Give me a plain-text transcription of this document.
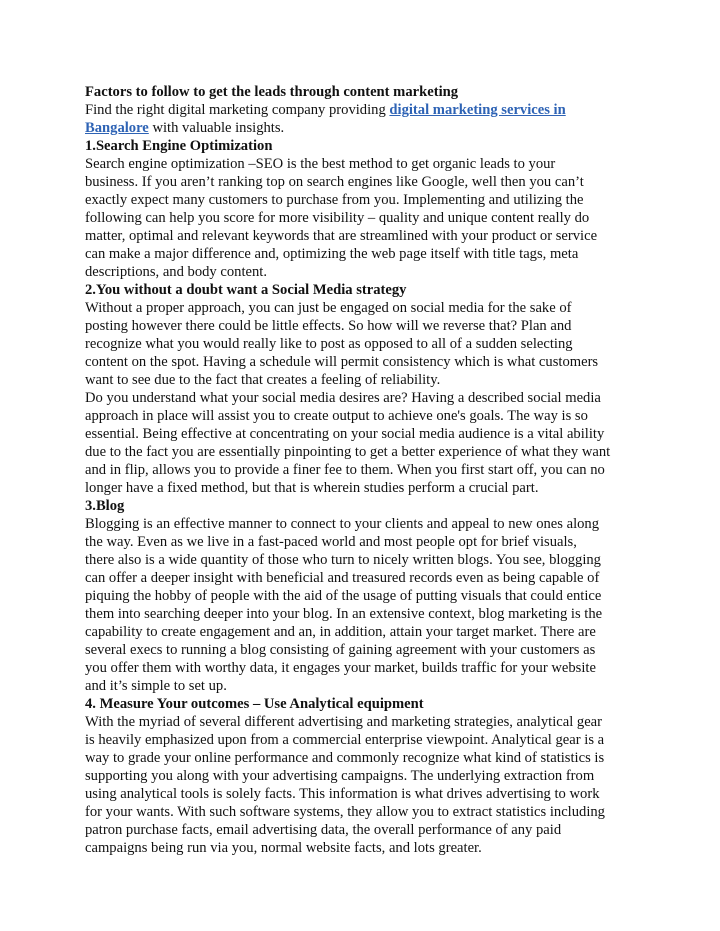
Factors to follow to get the leads through content marketing
Find the right digital marketing company providing digital marketing services in
Bangalore with valuable insights.
1.Search Engine Optimization
Search engine optimization –SEO is the best method to get organic leads to your
business. If you aren’t ranking top on search engines like Google, well then you can’t
exactly expect many customers to purchase from you. Implementing and utilizing the
following can help you score for more visibility – quality and unique content really do
matter, optimal and relevant keywords that are streamlined with your product or service
can make a major difference and, optimizing the web page itself with title tags, meta
descriptions, and body content.
2.You without a doubt want a Social Media strategy
Without a proper approach, you can just be engaged on social media for the sake of
posting however there could be little effects. So how will we reverse that? Plan and
recognize what you would really like to post as opposed to all of a sudden selecting
content on the spot. Having a schedule will permit consistency which is what customers
want to see due to the fact that creates a feeling of reliability.
Do you understand what your social media desires are? Having a described social media
approach in place will assist you to create output to achieve one's goals. The way is so
essential. Being effective at concentrating on your social media audience is a vital ability
due to the fact you are essentially pinpointing to get a better experience of what they want
and in flip, allows you to provide a finer fee to them. When you first start off, you can no
longer have a fixed method, but that is wherein studies perform a crucial part.
3.Blog
Blogging is an effective manner to connect to your clients and appeal to new ones along
the way. Even as we live in a fast-paced world and most people opt for brief visuals,
there also is a wide quantity of those who turn to nicely written blogs. You see, blogging
can offer a deeper insight with beneficial and treasured records even as being capable of
piquing the hobby of people with the aid of the usage of putting visuals that could entice
them into searching deeper into your blog. In an extensive context, blog marketing is the
capability to create engagement and an, in addition, attain your target market. There are
several execs to running a blog consisting of gaining agreement with your customers as
you offer them with worthy data, it engages your market, builds traffic for your website
and it’s simple to set up.
4. Measure Your outcomes – Use Analytical equipment
With the myriad of several different advertising and marketing strategies, analytical gear
is heavily emphasized upon from a commercial enterprise viewpoint. Analytical gear is a
way to grade your online performance and commonly recognize what kind of statistics is
supporting you along with your advertising campaigns. The underlying extraction from
using analytical tools is solely facts. This information is what drives advertising to work
for your wants. With such software systems, they allow you to extract statistics including
patron purchase facts, email advertising data, the overall performance of any paid
campaigns being run via you, normal website facts, and lots greater.
